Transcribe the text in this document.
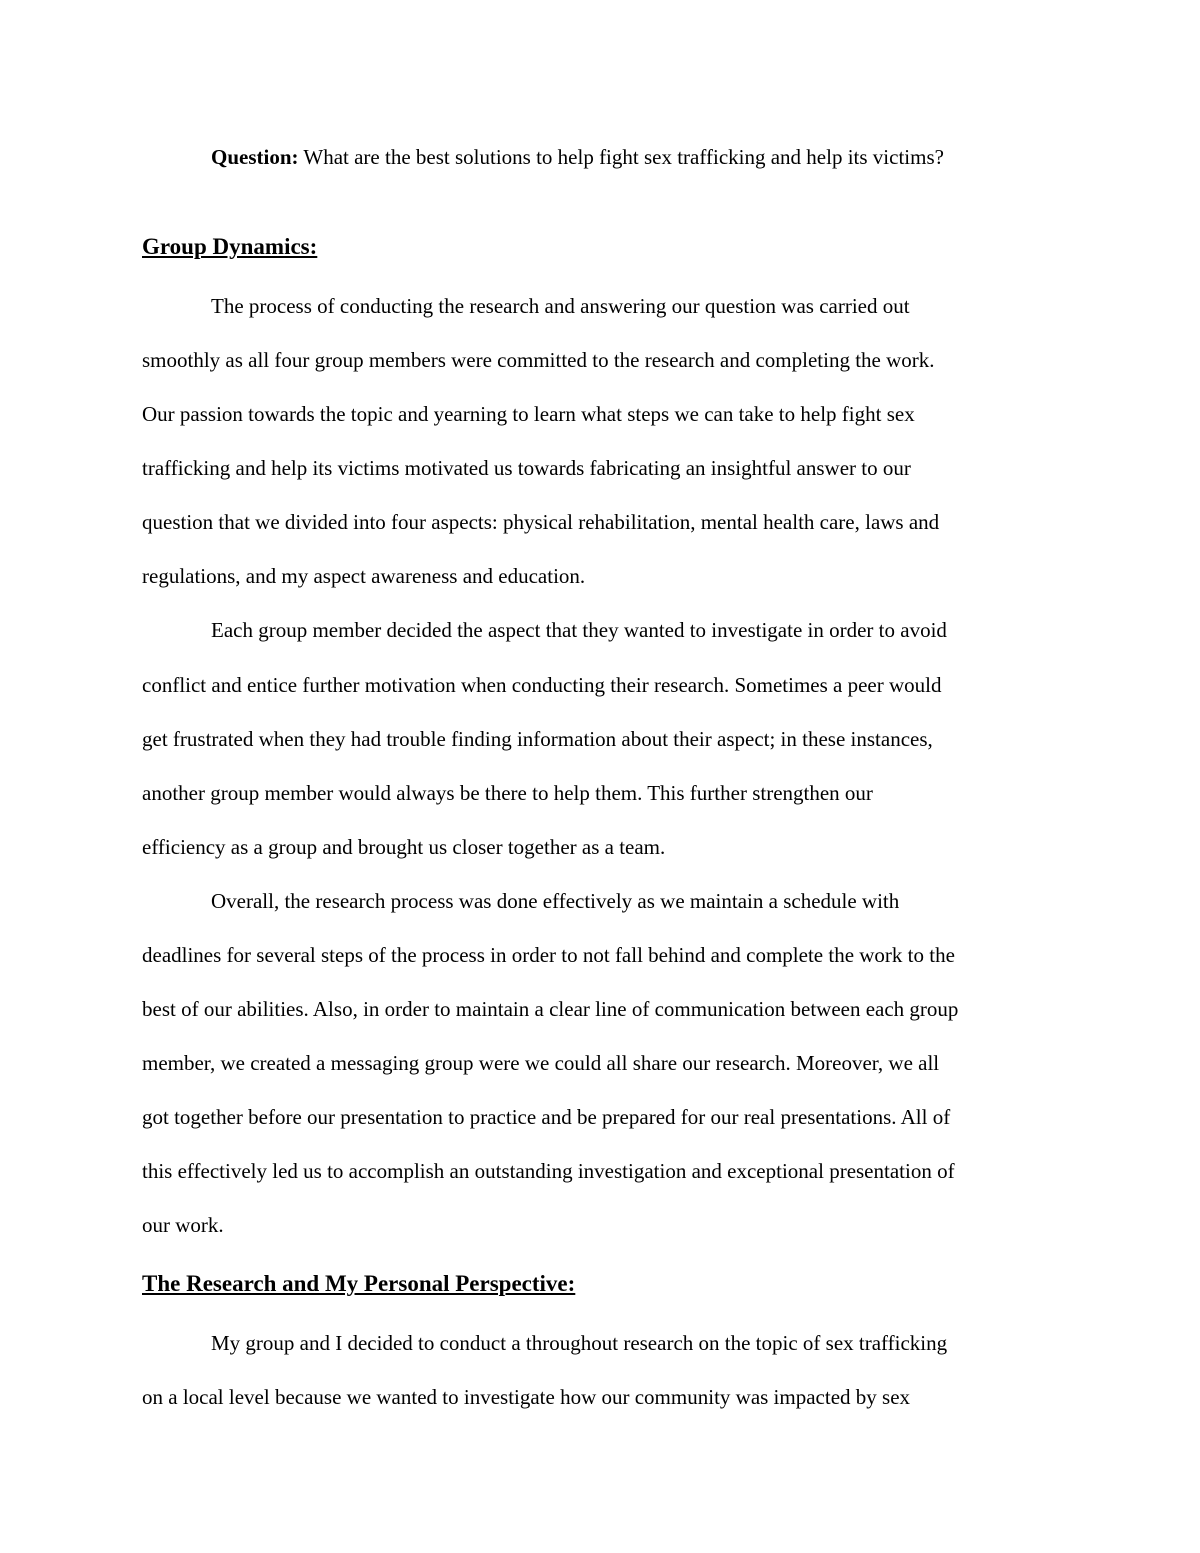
Question: What are the best solutions to help fight sex trafficking and help its victims?

Group Dynamics:

The process of conducting the research and answering our question was carried out

smoothly as all four group members were committed to the research and completing the work.

Our passion towards the topic and yearning to learn what steps we can take to help fight sex

trafficking and help its victims motivated us towards fabricating an insightful answer to our

question that we divided into four aspects: physical rehabilitation, mental health care, laws and

regulations, and my aspect awareness and education.

Each group member decided the aspect that they wanted to investigate in order to avoid

conflict and entice further motivation when conducting their research. Sometimes a peer would

get frustrated when they had trouble finding information about their aspect; in these instances,

another group member would always be there to help them. This further strengthen our

efficiency as a group and brought us closer together as a team.

Overall, the research process was done effectively as we maintain a schedule with

deadlines for several steps of the process in order to not fall behind and complete the work to the

best of our abilities. Also, in order to maintain a clear line of communication between each group

member, we created a messaging group were we could all share our research. Moreover, we all

got together before our presentation to practice and be prepared for our real presentations. All of

this effectively led us to accomplish an outstanding investigation and exceptional presentation of

our work.

The Research and My Personal Perspective:

My group and I decided to conduct a throughout research on the topic of sex trafficking

on a local level because we wanted to investigate how our community was impacted by sex
